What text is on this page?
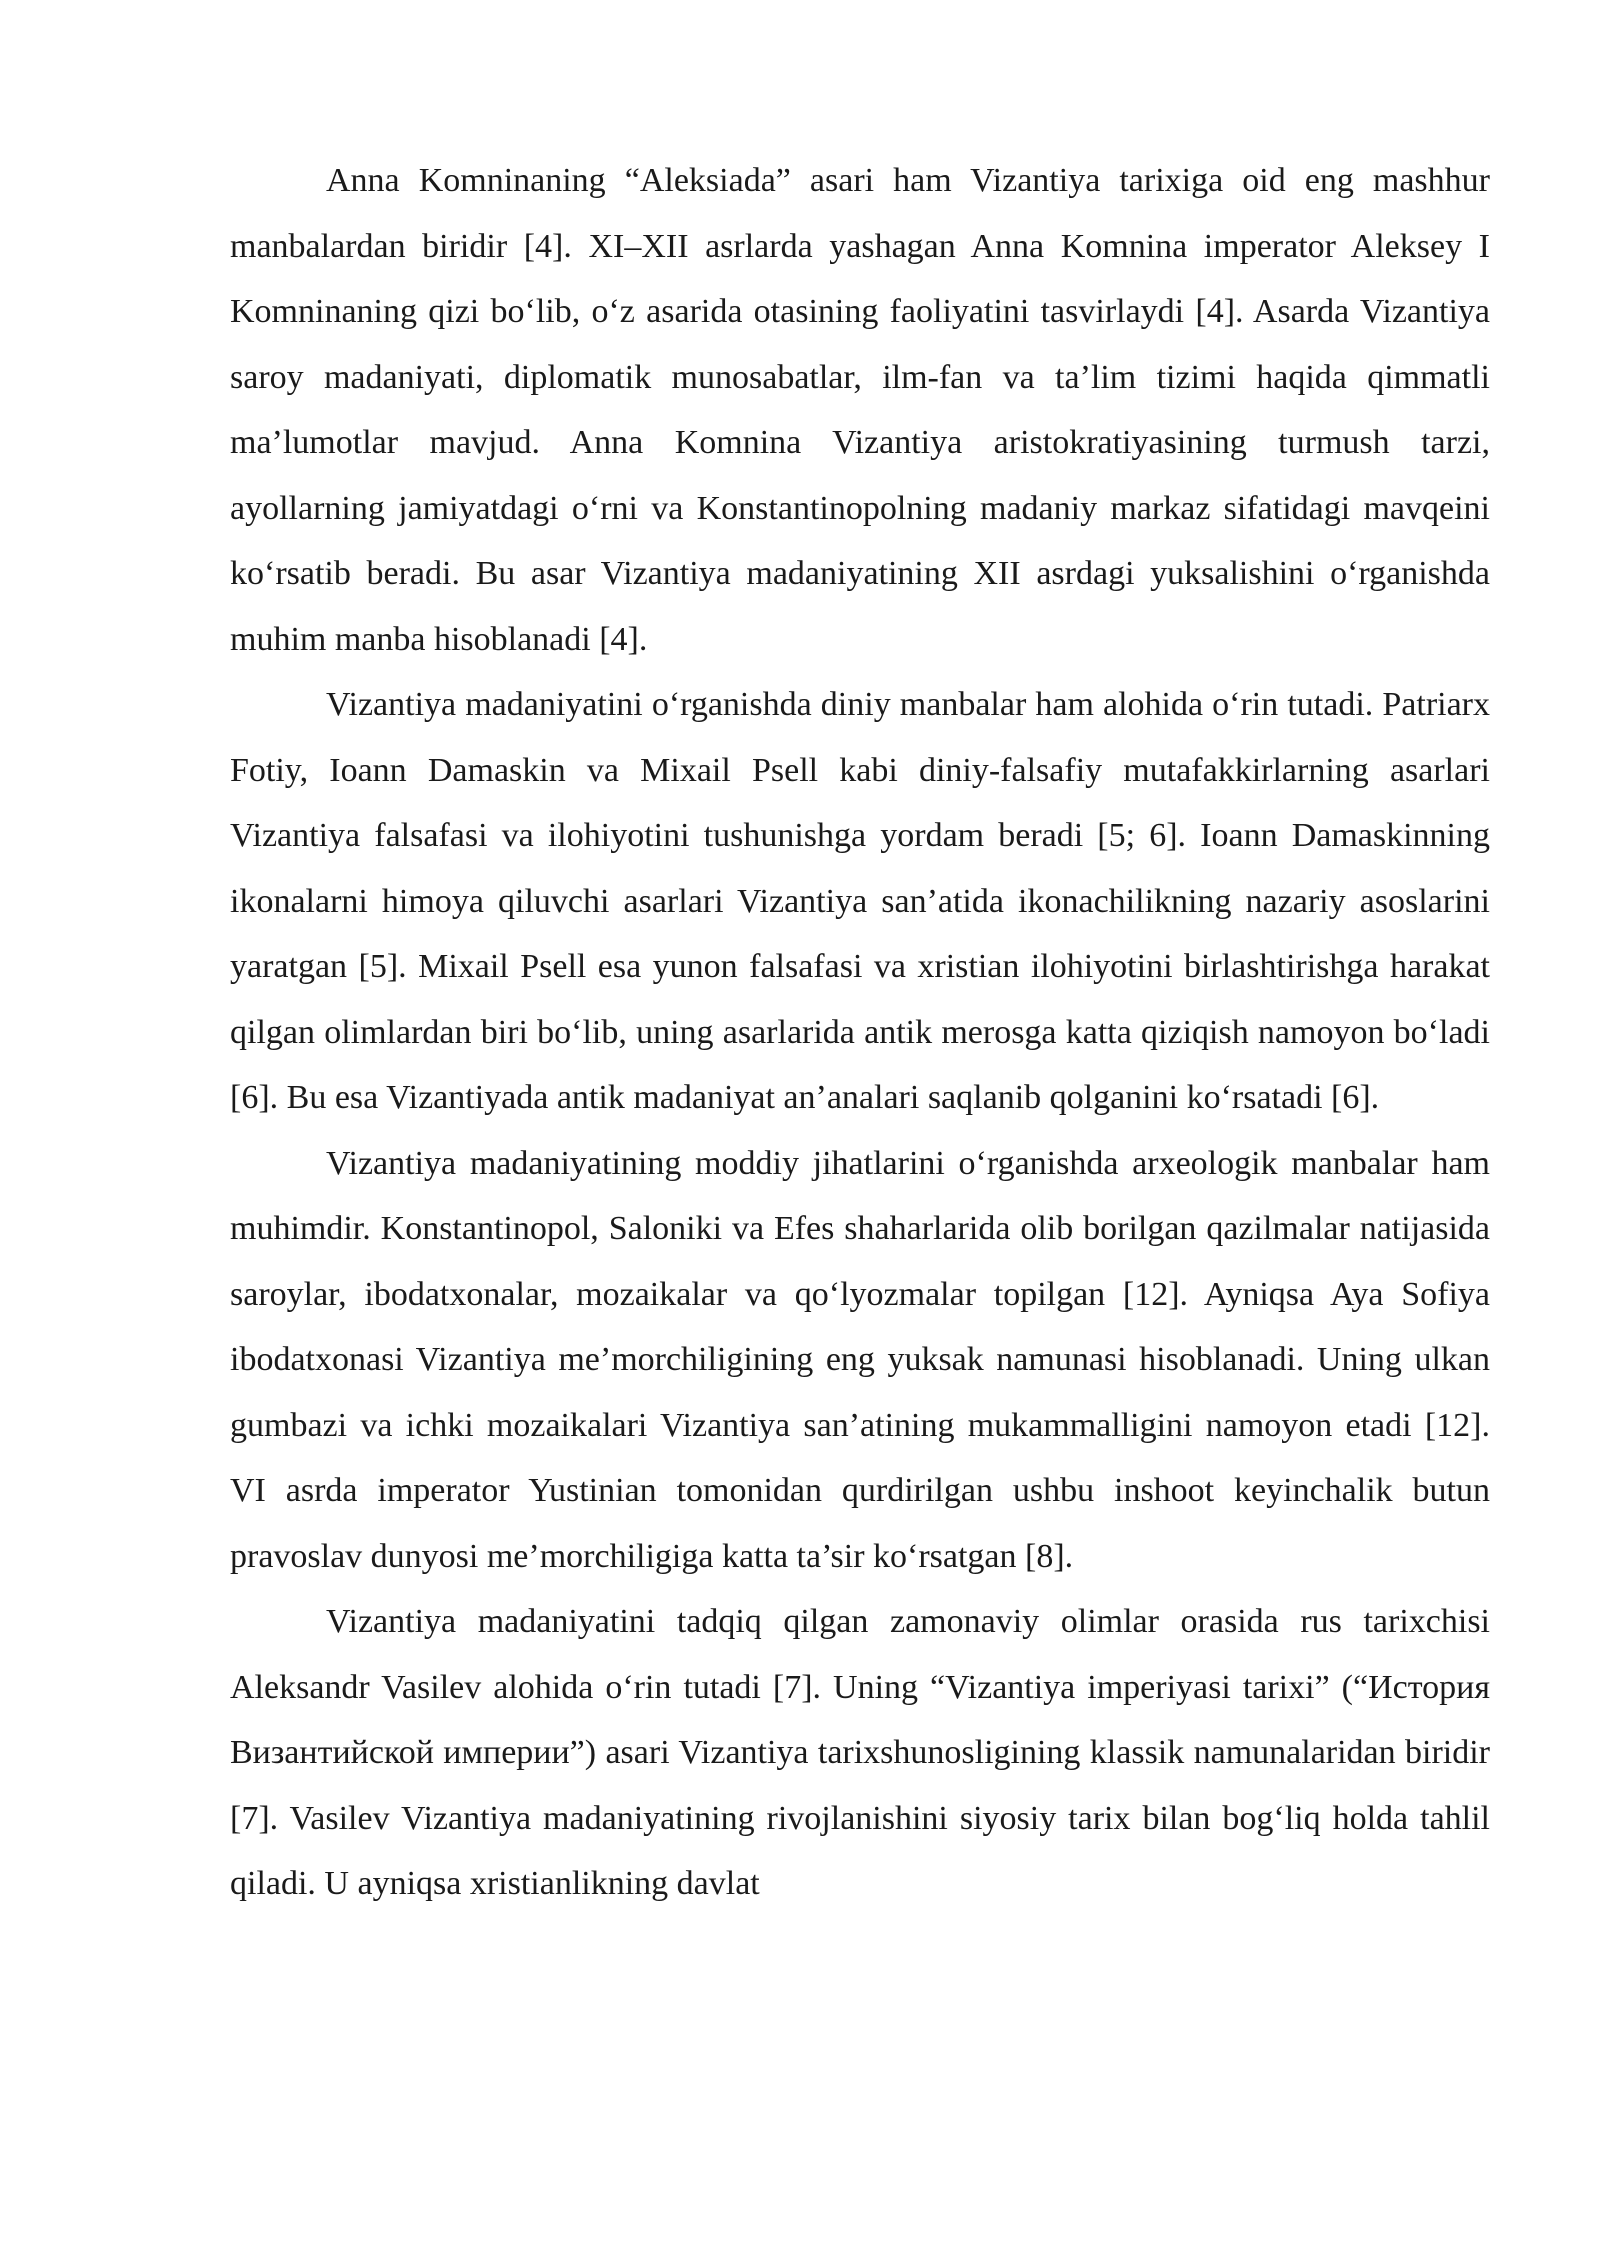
Anna Komninaning “Aleksiada” asari ham Vizantiya tarixiga oid eng mashhur manbalardan biridir [4]. XI–XII asrlarda yashagan Anna Komnina imperator Aleksey I Komninaning qizi boʻlib, oʻz asarida otasining faoliyatini tasvirlaydi [4]. Asarda Vizantiya saroy madaniyati, diplomatik munosabatlar, ilm-fan va ta’lim tizimi haqida qimmatli ma’lumotlar mavjud. Anna Komnina Vizantiya aristokratiyasining turmush tarzi, ayollarning jamiyatdagi oʻrni va Konstantinopolning madaniy markaz sifatidagi mavqeini koʻrsatib beradi. Bu asar Vizantiya madaniyatining XII asrdagi yuksalishini oʻrganishda muhim manba hisoblanadi [4].

Vizantiya madaniyatini oʻrganishda diniy manbalar ham alohida oʻrin tutadi. Patriarx Fotiy, Ioann Damaskin va Mixail Psell kabi diniy-falsafiy mutafakkirlarning asarlari Vizantiya falsafasi va ilohiyotini tushunishga yordam beradi [5; 6]. Ioann Damaskinning ikonalarni himoya qiluvchi asarlari Vizantiya san’atida ikonachilikning nazariy asoslarini yaratgan [5]. Mixail Psell esa yunon falsafasi va xristian ilohiyotini birlashtirishga harakat qilgan olimlardan biri boʻlib, uning asarlarida antik merosga katta qiziqish namoyon boʻladi [6]. Bu esa Vizantiyada antik madaniyat an’analari saqlanib qolganini koʻrsatadi [6].

Vizantiya madaniyatining moddiy jihatlarini oʻrganishda arxeologik manbalar ham muhimdir. Konstantinopol, Saloniki va Efes shaharlarida olib borilgan qazilmalar natijasida saroylar, ibodatxonalar, mozaikalar va qoʻlyozmalar topilgan [12]. Ayniqsa Aya Sofiya ibodatxonasi Vizantiya me’morchiligining eng yuksak namunasi hisoblanadi. Uning ulkan gumbazi va ichki mozaikalari Vizantiya san’atining mukammalligini namoyon etadi [12]. VI asrda imperator Yustinian tomonidan qurdirilgan ushbu inshoot keyinchalik butun pravoslav dunyosi me’morchiligiga katta ta’sir koʻrsatgan [8].

Vizantiya madaniyatini tadqiq qilgan zamonaviy olimlar orasida rus tarixchisi Aleksandr Vasilev alohida oʻrin tutadi [7]. Uning “Vizantiya imperiyasi tarixi” (“История Византийской империи”) asari Vizantiya tarixshunosligining klassik namunalaridan biridir [7]. Vasilev Vizantiya madaniyatining rivojlanishini siyosiy tarix bilan bogʻliq holda tahlil qiladi. U ayniqsa xristianlikning davlat
